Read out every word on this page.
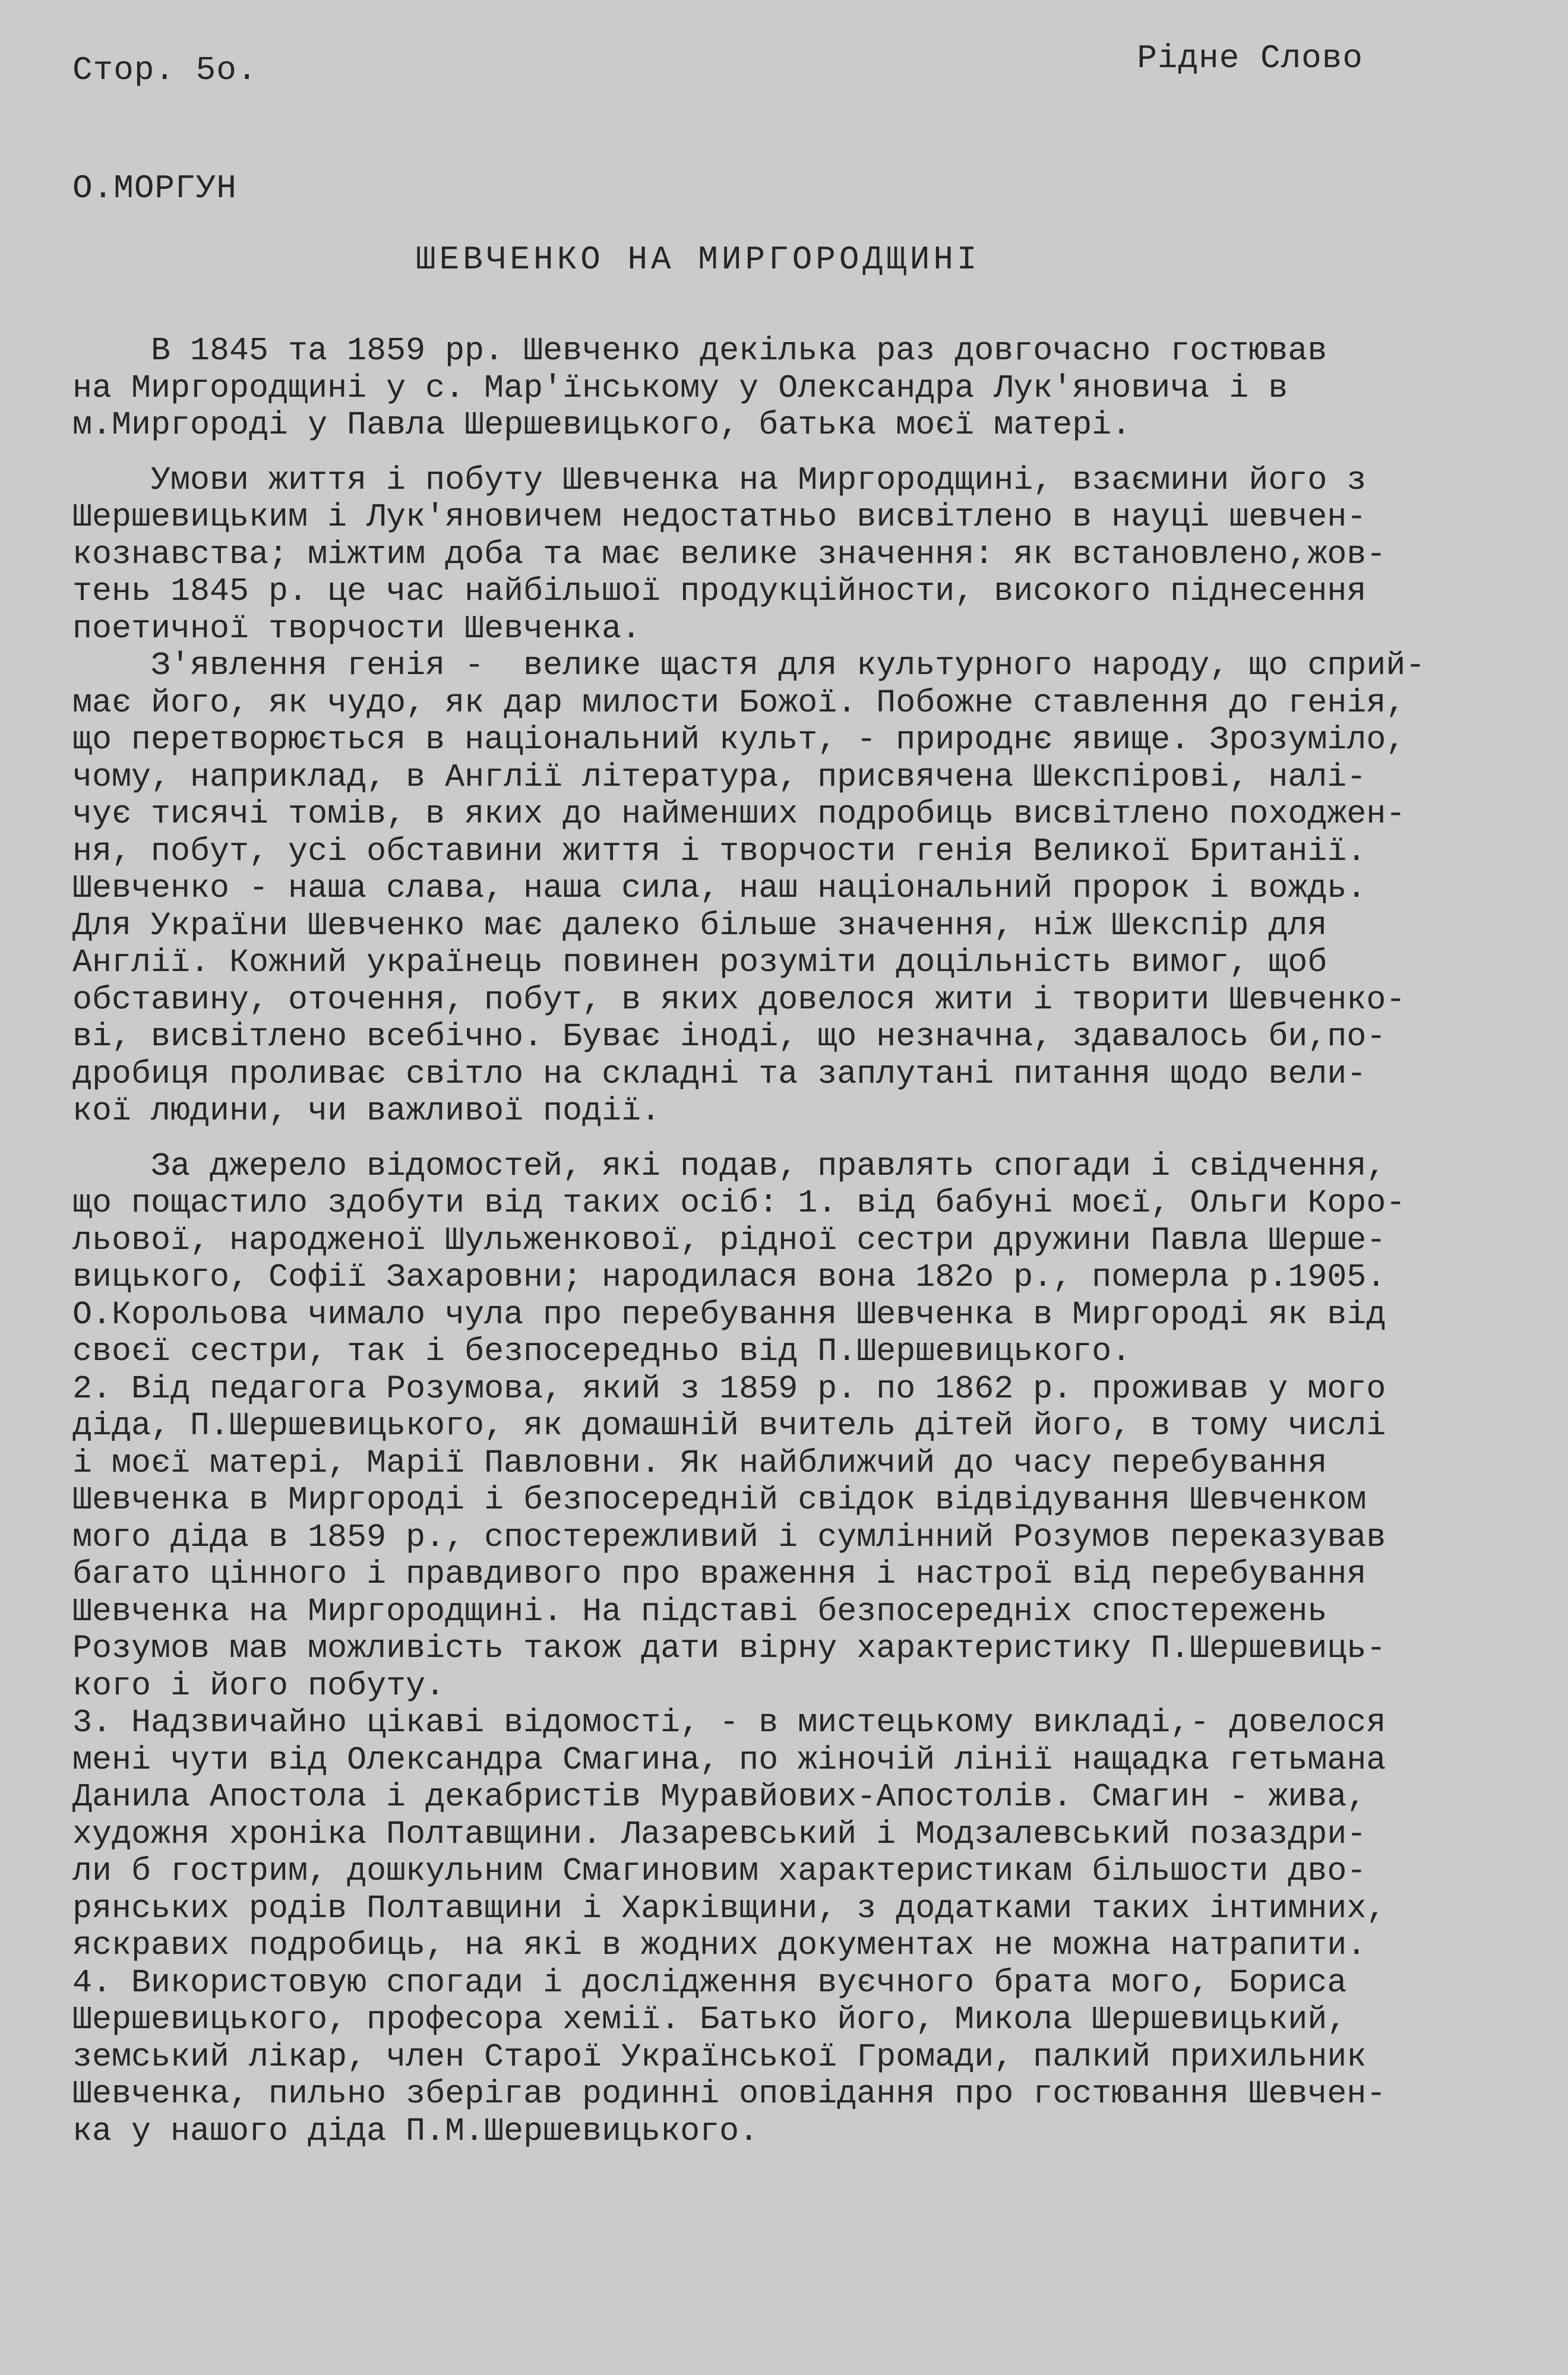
Стор. 5о.	Рідне Слово
О.МОРГУН
ШЕВЧЕНКО НА МИРГОРОДЩИНІ

В 1845 та 1859 рр. Шевченко декілька раз довгочасно гостював
на Миргородщині у с. Мар'їнському у Олександра Лук'яновича і в
м.Миргороді у Павла Шершевицького, батька моєї матері.

Умови життя і побуту Шевченка на Миргородщині, взаємини його з
Шершевицьким і Лук'яновичем недостатньо висвітлено в науці шевчен-
кознавства; мiжтим доба та має велике значення: як встановлено,жов-
тень 1845 р. це час найбільшої продукційности, високого піднесення
поетичної творчости Шевченка.

З'явлення генія -  велике щастя для культурного народу, що сприй-
має його, як чудо, як дар милости Божої. Побожне ставлення до генія,
що перетворюється в національний культ, - природнє явище. Зрозуміло,
чому, наприклад, в Англії література, присвячена Шекспірові, налі-
чує тисячі томів, в яких до найменших подробиць висвітлено походжен-
ня, побут, усі обставини життя і творчости генія Великої Британії.
Шевченко - наша слава, наша сила, наш національний пророк і вождь.
Для України Шевченко має далеко більше значення, ніж Шекспір для
Англії. Кожний українець повинен розуміти доцільність вимог, щоб
обставину, оточення, побут, в яких довелося жити і творити Шевченко-
ві, висвітлено всебічно. Буває іноді, що незначна, здавалось би,по-
дробиця проливає світло на складні та заплутані питання щодо вели-
кої людини, чи важливої події.

За джерело відомостей, які подав, правлять спогади і свідчення,
що пощастило здобути від таких осіб: 1. від бабуні моєї, Ольги Коро-
льової, народженої Шульженкової, рідної сестри дружини Павла Шерше-
вицького, Софії Захаровни; народилася вона 182о р., померла р.1905.
О.Корольова чимало чула про перебування Шевченка в Миргороді як від
своєї сестри, так і безпосередньо від П.Шершевицького.
2. Від педагога Розумова, який з 1859 р. по 1862 р. проживав у мого
діда, П.Шершевицького, як домашній вчитель дітей його, в тому числі
і моєї матері, Марії Павловни. Як найближчий до часу перебування
Шевченка в Миргороді і безпосередній свідок відвідування Шевченком
мого діда в 1859 р., спостережливий і сумлінний Розумов переказував
багато цінного і правдивого про враження і настрої від перебування
Шевченка на Миргородщині. На підставі безпосередніх спостережень
Розумов мав можливість також дати вірну характеристику П.Шершевиць-
кого і його побуту.
3. Надзвичайно цікаві відомості, - в мистецькому викладі,- довелося
мені чути від Олександра Смагина, по жіночій лінії нащадка гетьмана
Данила Апостола і декабристів Муравйових-Апостолів. Смагин - жива,
художня хроніка Полтавщини. Лазаревський і Модзалевський позаздри-
ли б гострим, дошкульним Смагиновим характеристикам більшости дво-
рянських родів Полтавщини і Харківщини, з додатками таких інтимних,
яскравих подробиць, на які в жодних документах не можна натрапити.
4. Використовую спогади і дослідження вуєчного брата мого, Бориса
Шершевицького, професора хемії. Батько його, Микола Шершевицький,
земський лікар, член Старої Української Громади, палкий прихильник
Шевченка, пильно зберігав родинні оповідання про гостювання Шевчен-
ка у нашого діда П.М.Шершевицького.
